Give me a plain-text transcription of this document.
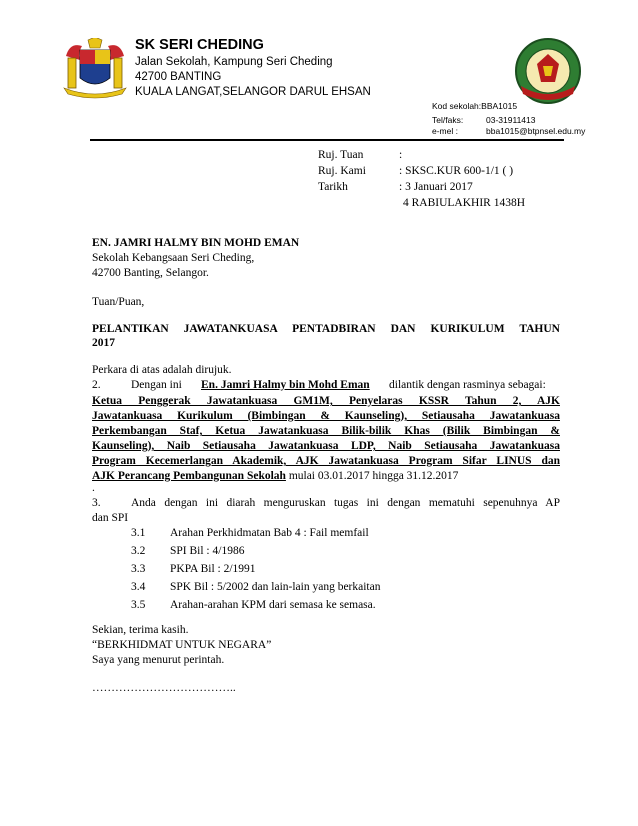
SK SERI CHEDING
Jalan Sekolah, Kampung Seri Cheding
42700 BANTING
KUALA LANGAT,SELANGOR DARUL EHSAN
Kod sekolah:BBA1015
Tel/faks:	03-31911413
e-mel :	bba1015@btpnsel.edu.my
Ruj. Tuan	:
Ruj. Kami	: SKSC.KUR 600-1/1 ( )
Tarikh	: 3 Januari 2017
4 RABIULAKHIR 1438H
EN. JAMRI HALMY BIN MOHD EMAN
Sekolah Kebangsaan Seri Cheding,
42700 Banting, Selangor.
Tuan/Puan,
PELANTIKAN JAWATANKUASA PENTADBIRAN DAN KURIKULUM TAHUN
2017
Perkara di atas adalah dirujuk.
2.	Dengan ini En. Jamri Halmy bin Mohd Eman dilantik dengan rasminya sebagai:
Ketua Penggerak Jawatankuasa GM1M, Penyelaras KSSR Tahun 2, AJK
Jawatankuasa Kurikulum (Bimbingan & Kaunseling), Setiausaha Jawatankuasa
Perkembangan Staf, Ketua Jawatankuasa Bilik-bilik Khas (Bilik Bimbingan &
Kaunseling), Naib Setiausaha Jawatankuasa LDP, Naib Setiausaha Jawatankuasa
Program Kecemerlangan Akademik, AJK Jawatankuasa Program Sifar LINUS dan
AJK Perancang Pembangunan Sekolah mulai 03.01.2017 hingga 31.12.2017
.
3.	Anda dengan ini diarah menguruskan tugas ini dengan mematuhi sepenuhnya AP
dan SPI
3.1 Arahan Perkhidmatan Bab 4 : Fail memfail
3.2 SPI Bil : 4/1986
3.3 PKPA Bil : 2/1991
3.4 SPK Bil : 5/2002 dan lain-lain yang berkaitan
3.5 Arahan-arahan KPM dari semasa ke semasa.
Sekian, terima kasih.
“BERKHIDMAT UNTUK NEGARA”
Saya yang menurut perintah.
………………………………..
